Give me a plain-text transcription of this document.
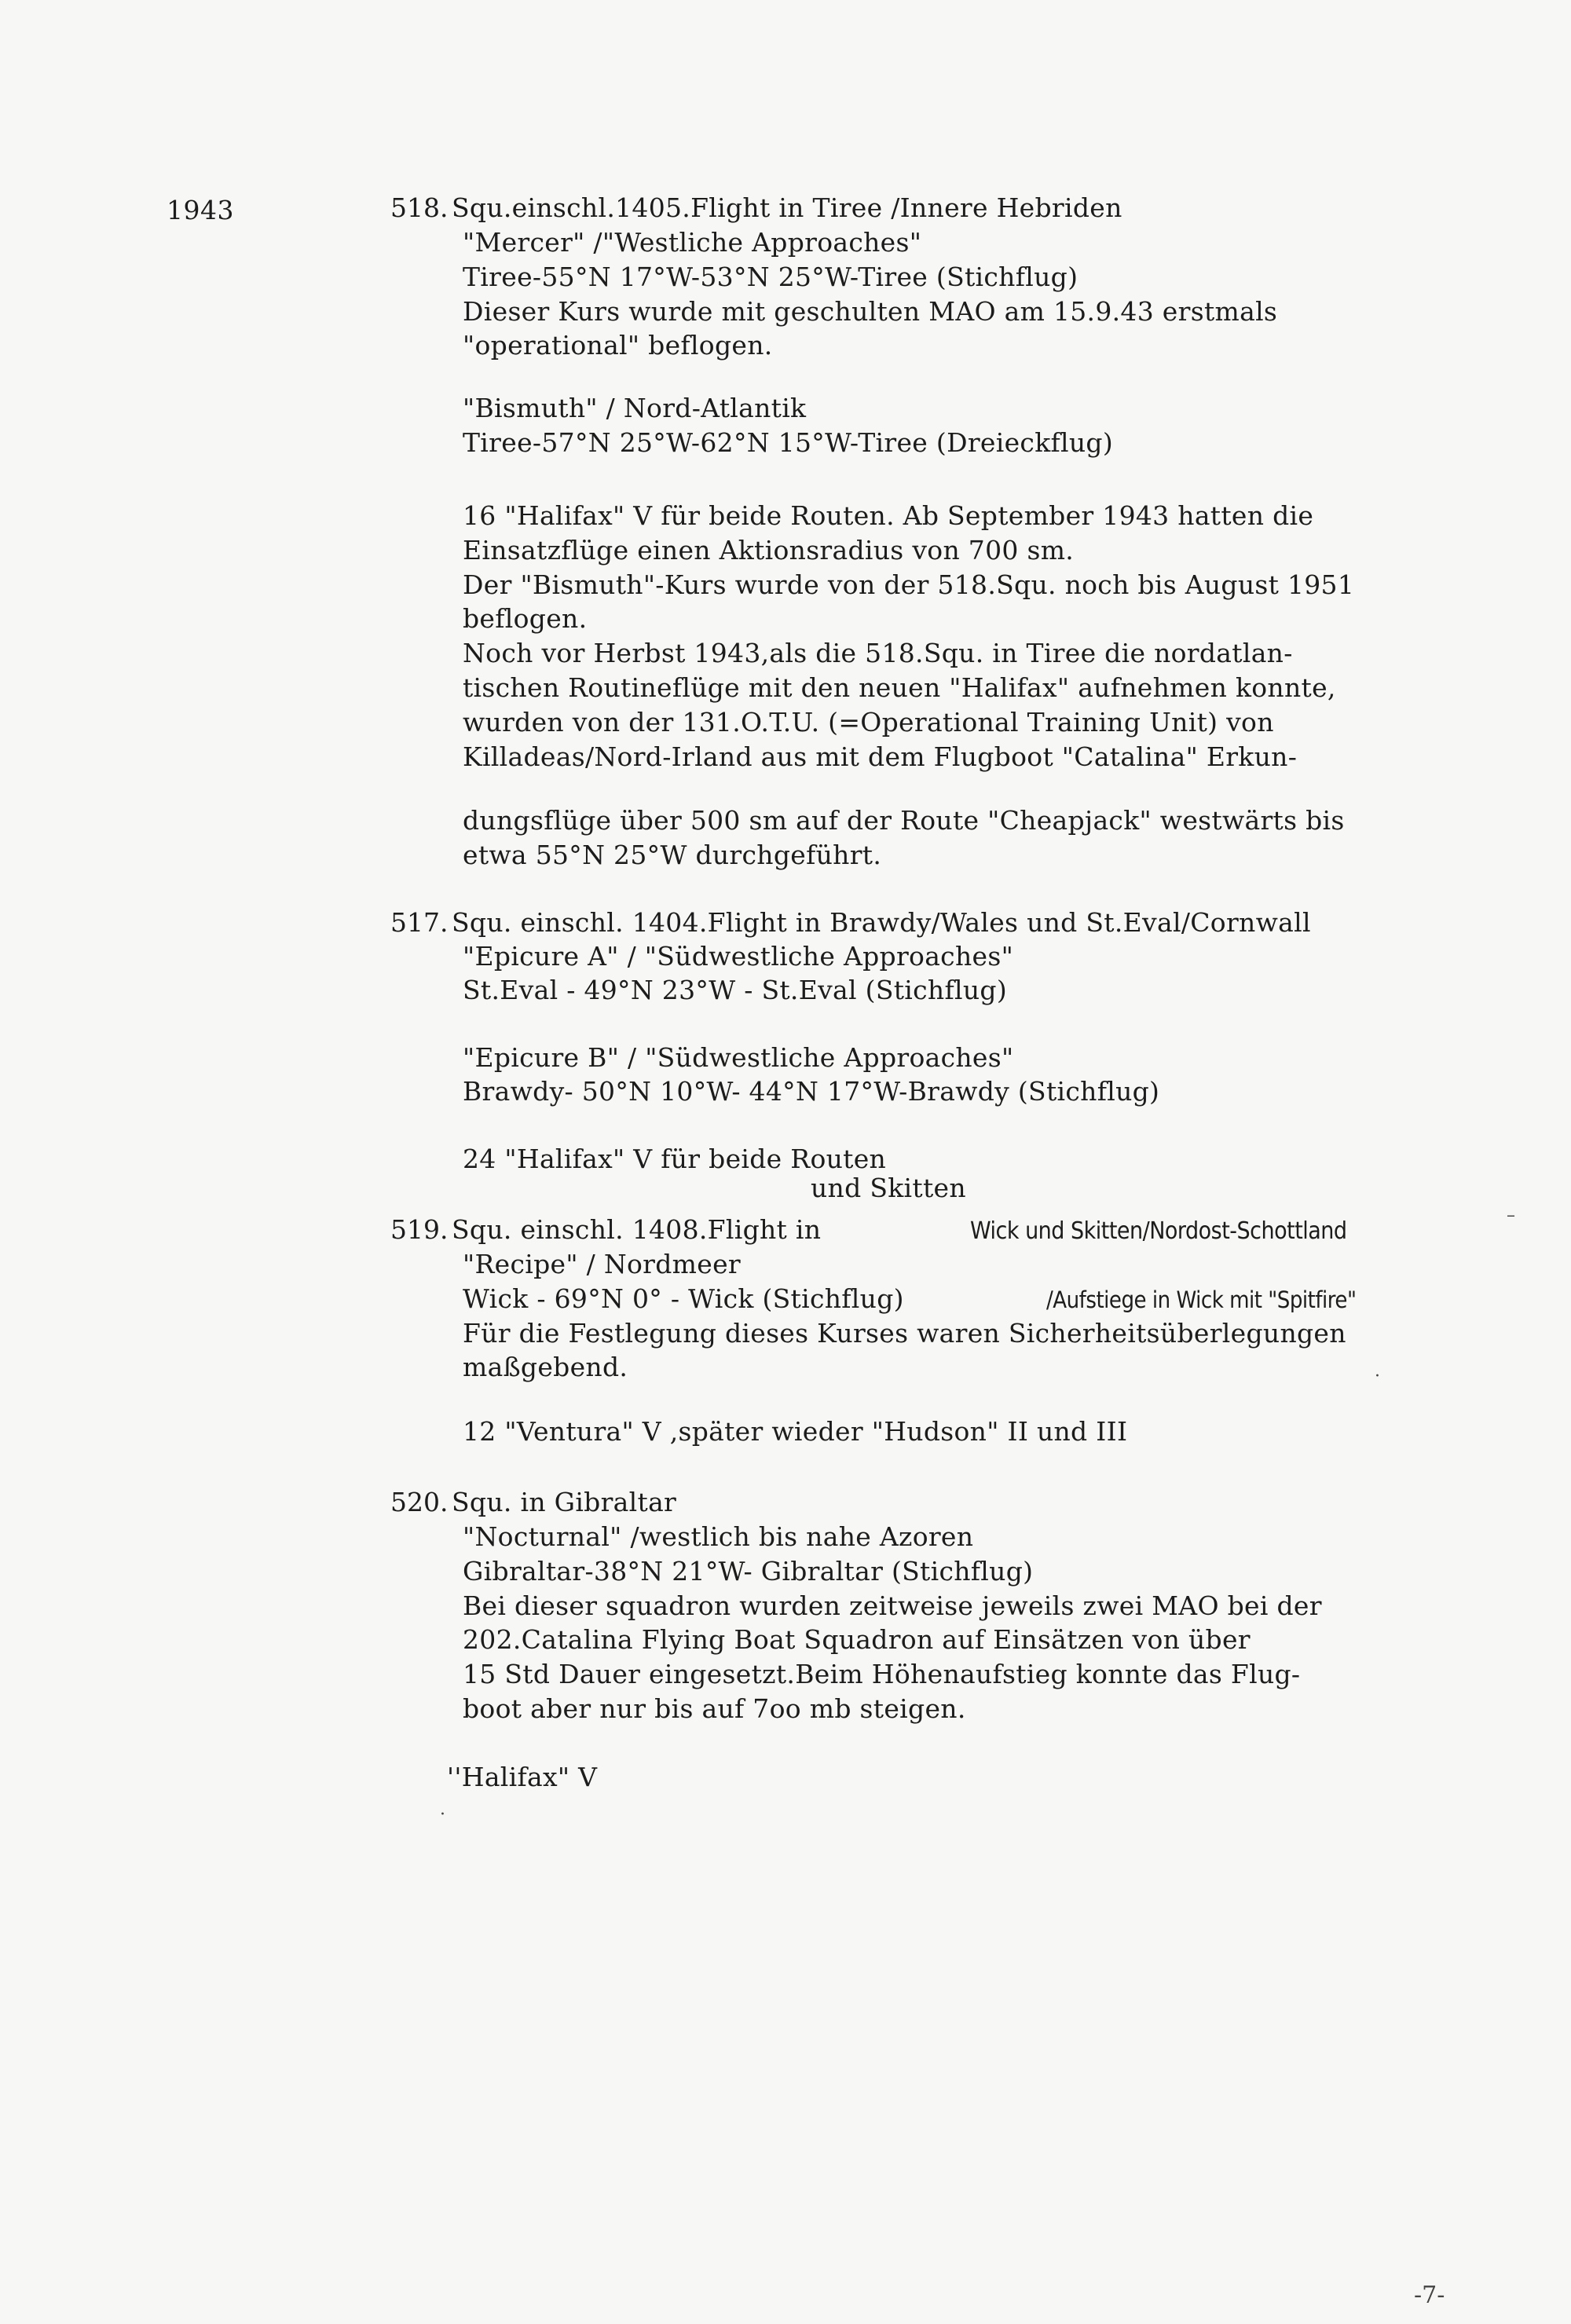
1943	518. Squ.einschl.1405.Flight in Tiree /Innere Hebriden
"Mercer" /"Westliche Approaches"
Tiree-55°N 17°W-53°N 25°W-Tiree (Stichflug)
Dieser Kurs wurde mit geschulten MAO am 15.9.43 erstmals
"operational" beflogen.
"Bismuth" / Nord-Atlantik
Tiree-57°N 25°W-62°N 15°W-Tiree (Dreieckflug)
16 "Halifax" V für beide Routen. Ab September 1943 hatten die
Einsatzflüge einen Aktionsradius von 700 sm.
Der "Bismuth"-Kurs wurde von der 518.Squ. noch bis August 1951
beflogen.
Noch vor Herbst 1943,als die 518.Squ. in Tiree die nordatlan-
tischen Routineflüge mit den neuen "Halifax" aufnehmen konnte,
wurden von der 131.O.T.U. (=Operational Training Unit) von
Killadeas/Nord-Irland aus mit dem Flugboot "Catalina" Erkun-
dungsflüge über 500 sm auf der Route "Cheapjack" westwärts bis
etwa 55°N 25°W durchgeführt.
517. Squ. einschl. 1404.Flight in Brawdy/Wales und St.Eval/Cornwall
"Epicure A" / "Südwestliche Approaches"
St.Eval - 49°N 23°W - St.Eval (Stichflug)
"Epicure B" / "Südwestliche Approaches"
Brawdy- 50°N 10°W- 44°N 17°W-Brawdy (Stichflug)
24 "Halifax" V für beide Routen
und Skitten
519. Squ. einschl. 1408.Flight in	Wick und Skitten/Nordost-Schottland
"Recipe" / Nordmeer
Wick - 69°N 0° - Wick (Stichflug)	/Aufstiege in Wick mit "Spitfire"
Für die Festlegung dieses Kurses waren Sicherheitsüberlegungen
maßgebend.
12 "Ventura" V ,später wieder "Hudson" II und III
520. Squ. in Gibraltar
"Nocturnal" /westlich bis nahe Azoren
Gibraltar-38°N 21°W- Gibraltar (Stichflug)
Bei dieser squadron wurden zeitweise jeweils zwei MAO bei der
202.Catalina Flying Boat Squadron auf Einsätzen von über
15 Std Dauer eingesetzt.Beim Höhenaufstieg konnte das Flug-
boot aber nur bis auf 7oo mb steigen.
''Halifax" V
·
–
·
-7-
